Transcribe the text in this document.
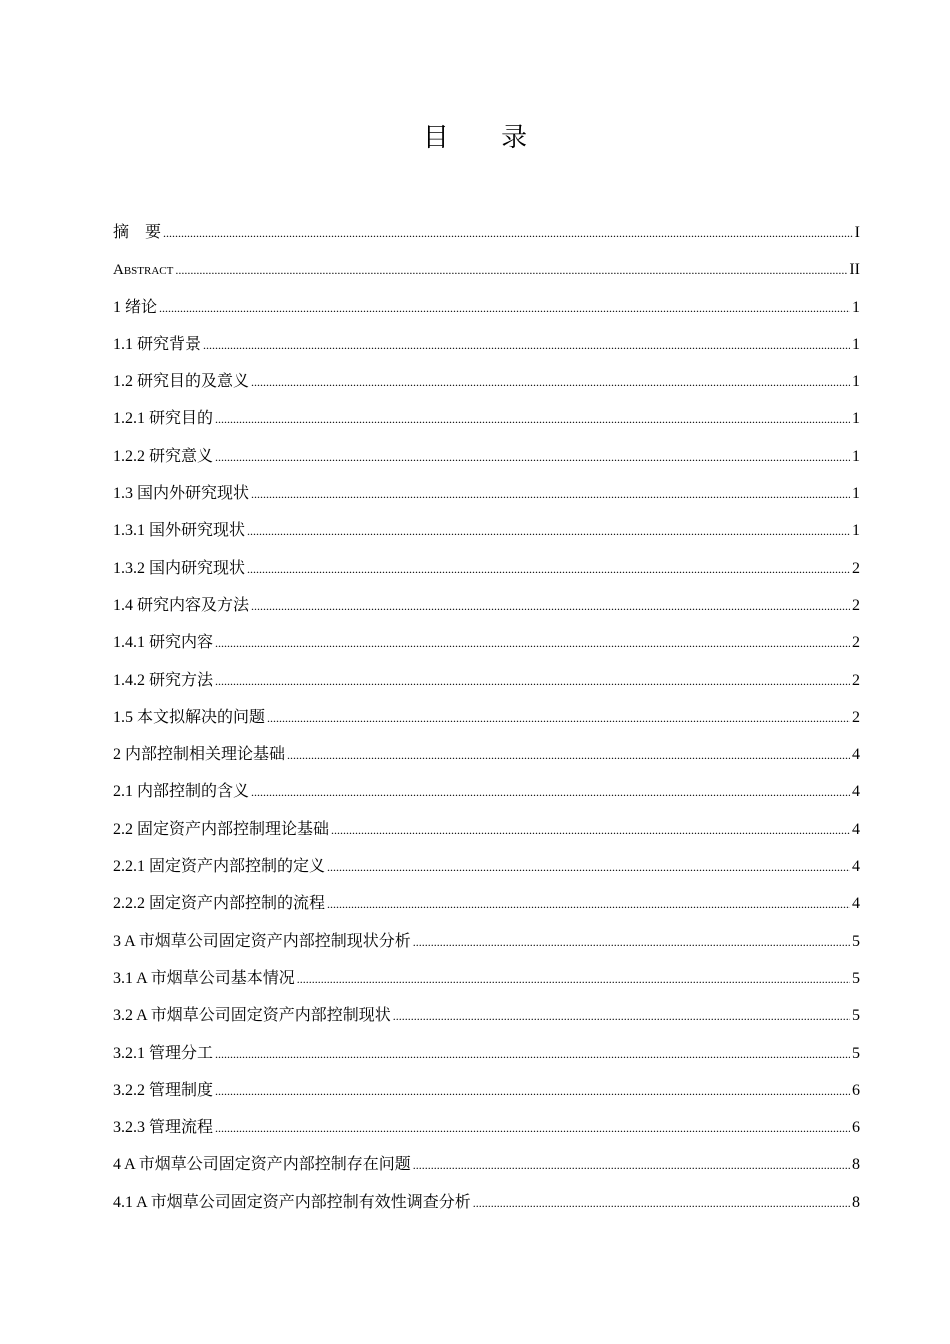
目 录
摘　要 .....	I
Abstract .....	II
1 绪论 .....	1
1.1 研究背景 .....	1
1.2 研究目的及意义 .....	1
1.2.1 研究目的 .....	1
1.2.2 研究意义 .....	1
1.3 国内外研究现状 .....	1
1.3.1 国外研究现状 .....	1
1.3.2 国内研究现状 .....	2
1.4 研究内容及方法 .....	2
1.4.1 研究内容 .....	2
1.4.2 研究方法 .....	2
1.5 本文拟解决的问题 .....	2
2 内部控制相关理论基础 .....	4
2.1 内部控制的含义 .....	4
2.2 固定资产内部控制理论基础 .....	4
2.2.1 固定资产内部控制的定义 .....	4
2.2.2 固定资产内部控制的流程 .....	4
3 A 市烟草公司固定资产内部控制现状分析 .....	5
3.1 A 市烟草公司基本情况 .....	5
3.2 A 市烟草公司固定资产内部控制现状 .....	5
3.2.1 管理分工 .....	5
3.2.2 管理制度 .....	6
3.2.3 管理流程 .....	6
4 A 市烟草公司固定资产内部控制存在问题 .....	8
4.1 A 市烟草公司固定资产内部控制有效性调查分析 .....	8
